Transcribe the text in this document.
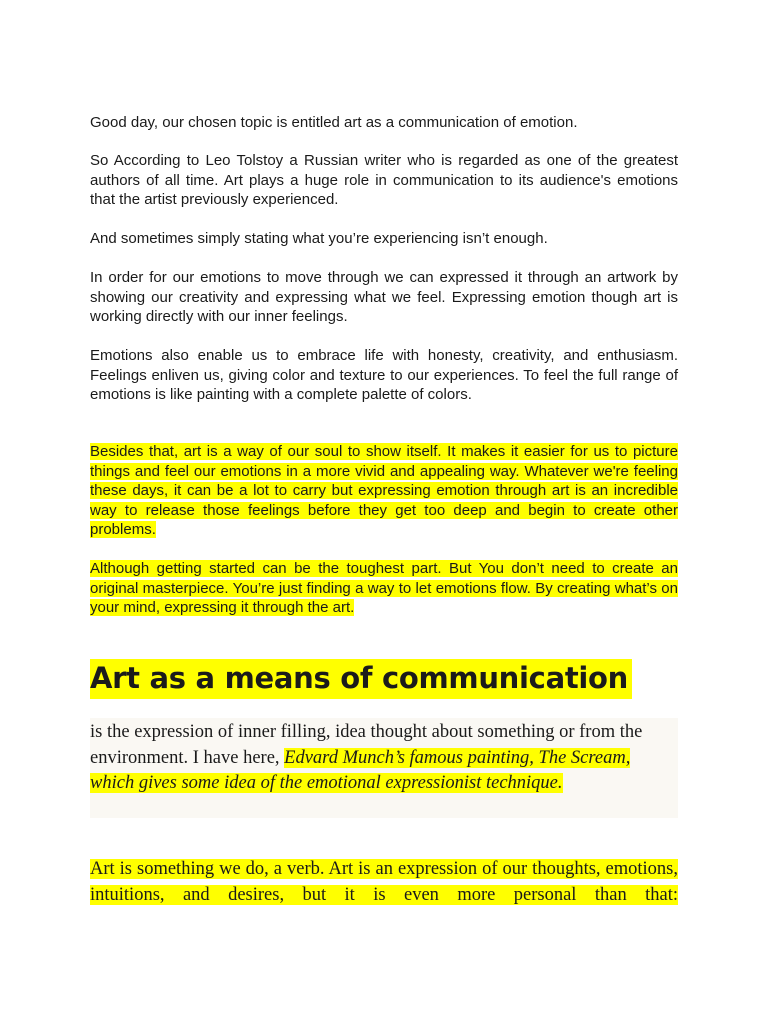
Good day, our chosen topic is entitled art as a communication of emotion.

So According to Leo Tolstoy a Russian writer who is regarded as one of the greatest authors of all time. Art plays a huge role in communication to its audience's emotions that the artist previously experienced.

And sometimes simply stating what you’re experiencing isn’t enough.

In order for our emotions to move through we can expressed it through an artwork by showing our creativity and expressing what we feel. Expressing emotion though art is working directly with our inner feelings.

Emotions also enable us to embrace life with honesty, creativity, and enthusiasm. Feelings enliven us, giving color and texture to our experiences. To feel the full range of emotions is like painting with a complete palette of colors.

Besides that, art is a way of our soul to show itself. It makes it easier for us to picture things and feel our emotions in a more vivid and appealing way. Whatever we're feeling these days, it can be a lot to carry but expressing emotion through art is an incredible way to release those feelings before they get too deep and begin to create other problems.

Although getting started can be the toughest part. But You don’t need to create an original masterpiece. You’re just finding a way to let emotions flow. By creating what’s on your mind, expressing it through the art.

Art as a means of communication

is the expression of inner filling, idea thought about something or from the environment. I have here, Edvard Munch’s famous painting, The Scream, which gives some idea of the emotional expressionist technique.

Art is something we do, a verb. Art is an expression of our thoughts, emotions, intuitions, and desires, but it is even more personal than that:
